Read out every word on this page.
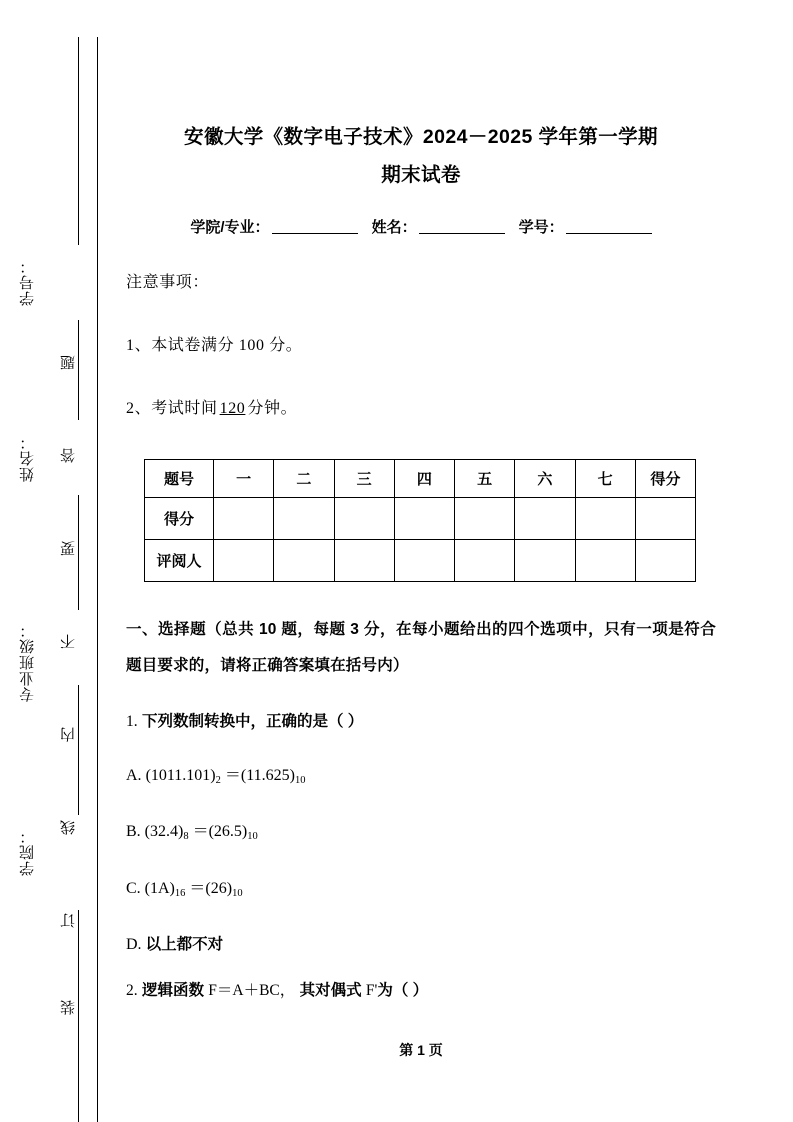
学号：
姓名：
专业班级：
学院：
题
答
要
不
内
线
订
装
安徽大学《数字电子技术》2024－2025 学年第一学期
期末试卷
学院/专业：	姓名：	学号：

注意事项：

1、本试卷满分 100 分。

2、考试时间 120 分钟。

题号	一	二	三	四	五	六	七	得分
得分								
评阅人								

一、选择题（总共 10 题，每题 3 分，在每小题给出的四个选项中，只有一项是符合题目要求的，请将正确答案填在括号内）

1. 下列数制转换中，正确的是（ ）

A. $(1011.101)_2 =(11.625)_{10}$

B. $(32.4)_8 =(26.5)_{10}$

C. $(1A)_{16} =(26)_{10}$

D. 以上都不对

2. 逻辑函数 F＝A＋BC， 其对偶式 F'为（ ）

第 1 页
